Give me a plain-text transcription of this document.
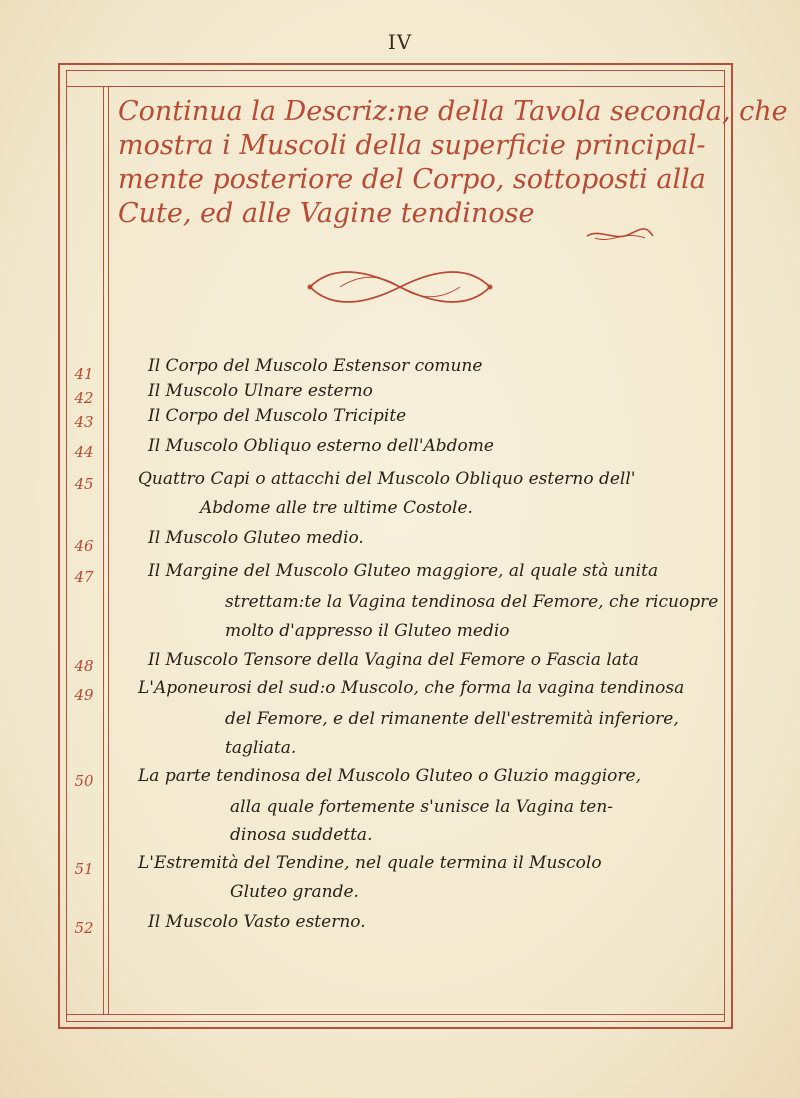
IV
Continua la Descriz:ne della Tavola seconda, che
mostra i Muscoli della superficie principal-
mente posteriore del Corpo, sottoposti alla
Cute, ed alle Vagine tendinose
41	Il Corpo del Muscolo Estensor comune
42	Il Muscolo Ulnare esterno
43	Il Corpo del Muscolo Tricipite
44	Il Muscolo Obliquo esterno dell'Abdome
45	Quattro Capi o attacchi del Muscolo Obliquo esterno dell'
Abdome alle tre ultime Costole.
46	Il Muscolo Gluteo medio.
47	Il Margine del Muscolo Gluteo maggiore, al quale stà unita
strettam:te la Vagina tendinosa del Femore, che ricuopre
molto d'appresso il Gluteo medio
48	Il Muscolo Tensore della Vagina del Femore o Fascia lata
49	L'Aponeurosi del sud:o Muscolo, che forma la vagina tendinosa
del Femore, e del rimanente dell'estremità inferiore,
tagliata.
50	La parte tendinosa del Muscolo Gluteo o Gluzio maggiore,
alla quale fortemente s'unisce la Vagina ten-
dinosa suddetta.
51	L'Estremità del Tendine, nel quale termina il Muscolo
Gluteo grande.
52	Il Muscolo Vasto esterno.
